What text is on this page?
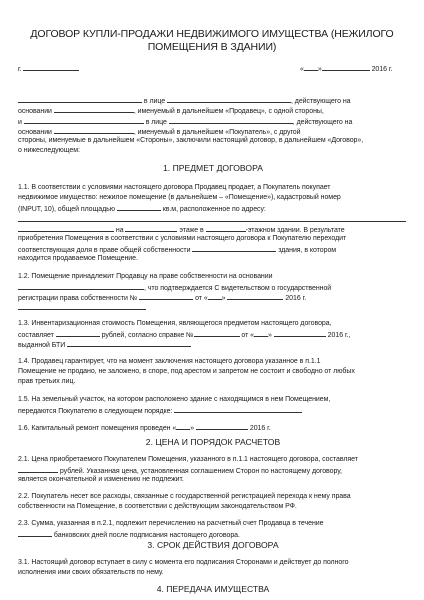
ДОГОВОР КУПЛИ-ПРОДАЖИ НЕДВИЖИМОГО ИМУЩЕСТВА (НЕЖИЛОГО
ПОМЕЩЕНИЯ В ЗДАНИИ)
г.	« »	2016 г.
в лице	, действующего на
основании	, именуемый в дальнейшем «Продавец», с одной стороны,
и	в лице	, действующего на
основании	, именуемый в дальнейшем «Покупатель», с другой
стороны, именуемые в дальнейшем «Стороны», заключили настоящий договор, в дальнейшем «Договор»,
о нижеследующем:
1. ПРЕДМЕТ ДОГОВОРА
1.1. В соответствии с условиями настоящего договора Продавец продает, а Покупатель покупает
недвижимое имущество: нежилое помещение (в дальнейшем – «Помещение»), кадастровый номер
(INPUT, 10), общей площадью	кв.м, расположенное по адресу:
на	этаже в	-этажном здании. В результате
приобретения Помещения в соответствии с условиями настоящего договора к Покупателю переходит
соответствующая доля в праве общей собственности	здания, в котором
находится продаваемое Помещение.
1.2. Помещение принадлежит Продавцу на праве собственности на основании
, что подтверждается С видетельством о государственной
регистрации права собственности №	от « »	2016 г.
1.3. Инвентаризационная стоимость Помещения, являющегося предметом настоящего договора,
составляет	рублей, согласно справке №	от « »	2016 г.,
выданной БТИ
1.4. Продавец гарантирует, что на момент заключения настоящего договора указанное в п.1.1
Помещение не продано, не заложено, в споре, под арестом и запретом не состоит и свободно от любых
прав третьих лиц.
1.5. На земельный участок, на котором расположено здание с находящимся в нем Помещением,
передаются Покупателю в следующем порядке:
1.6. Капитальный ремонт помещения проведен « »	2016 г.
2. ЦЕНА И ПОРЯДОК РАСЧЕТОВ
2.1. Цена приобретаемого Покупателем Помещения, указанного в п.1.1 настоящего договора, составляет
рублей. Указанная цена, установленная соглашением Сторон по настоящему договору,
является окончательной и изменению не подлежит.
2.2. Покупатель несет все расходы, связанные с государственной регистрацией перехода к нему права
собственности на Помещение, в соответствии с действующим законодательством РФ.
2.3. Сумма, указанная в п.2.1, подлежит перечислению на расчетный счет Продавца в течение
банковских дней после подписания настоящего договора.
3. СРОК ДЕЙСТВИЯ ДОГОВОРА
3.1. Настоящий договор вступает в силу с момента его подписания Сторонами и действует до полного
исполнения ими своих обязательств по нему.
4. ПЕРЕДАЧА ИМУЩЕСТВА
